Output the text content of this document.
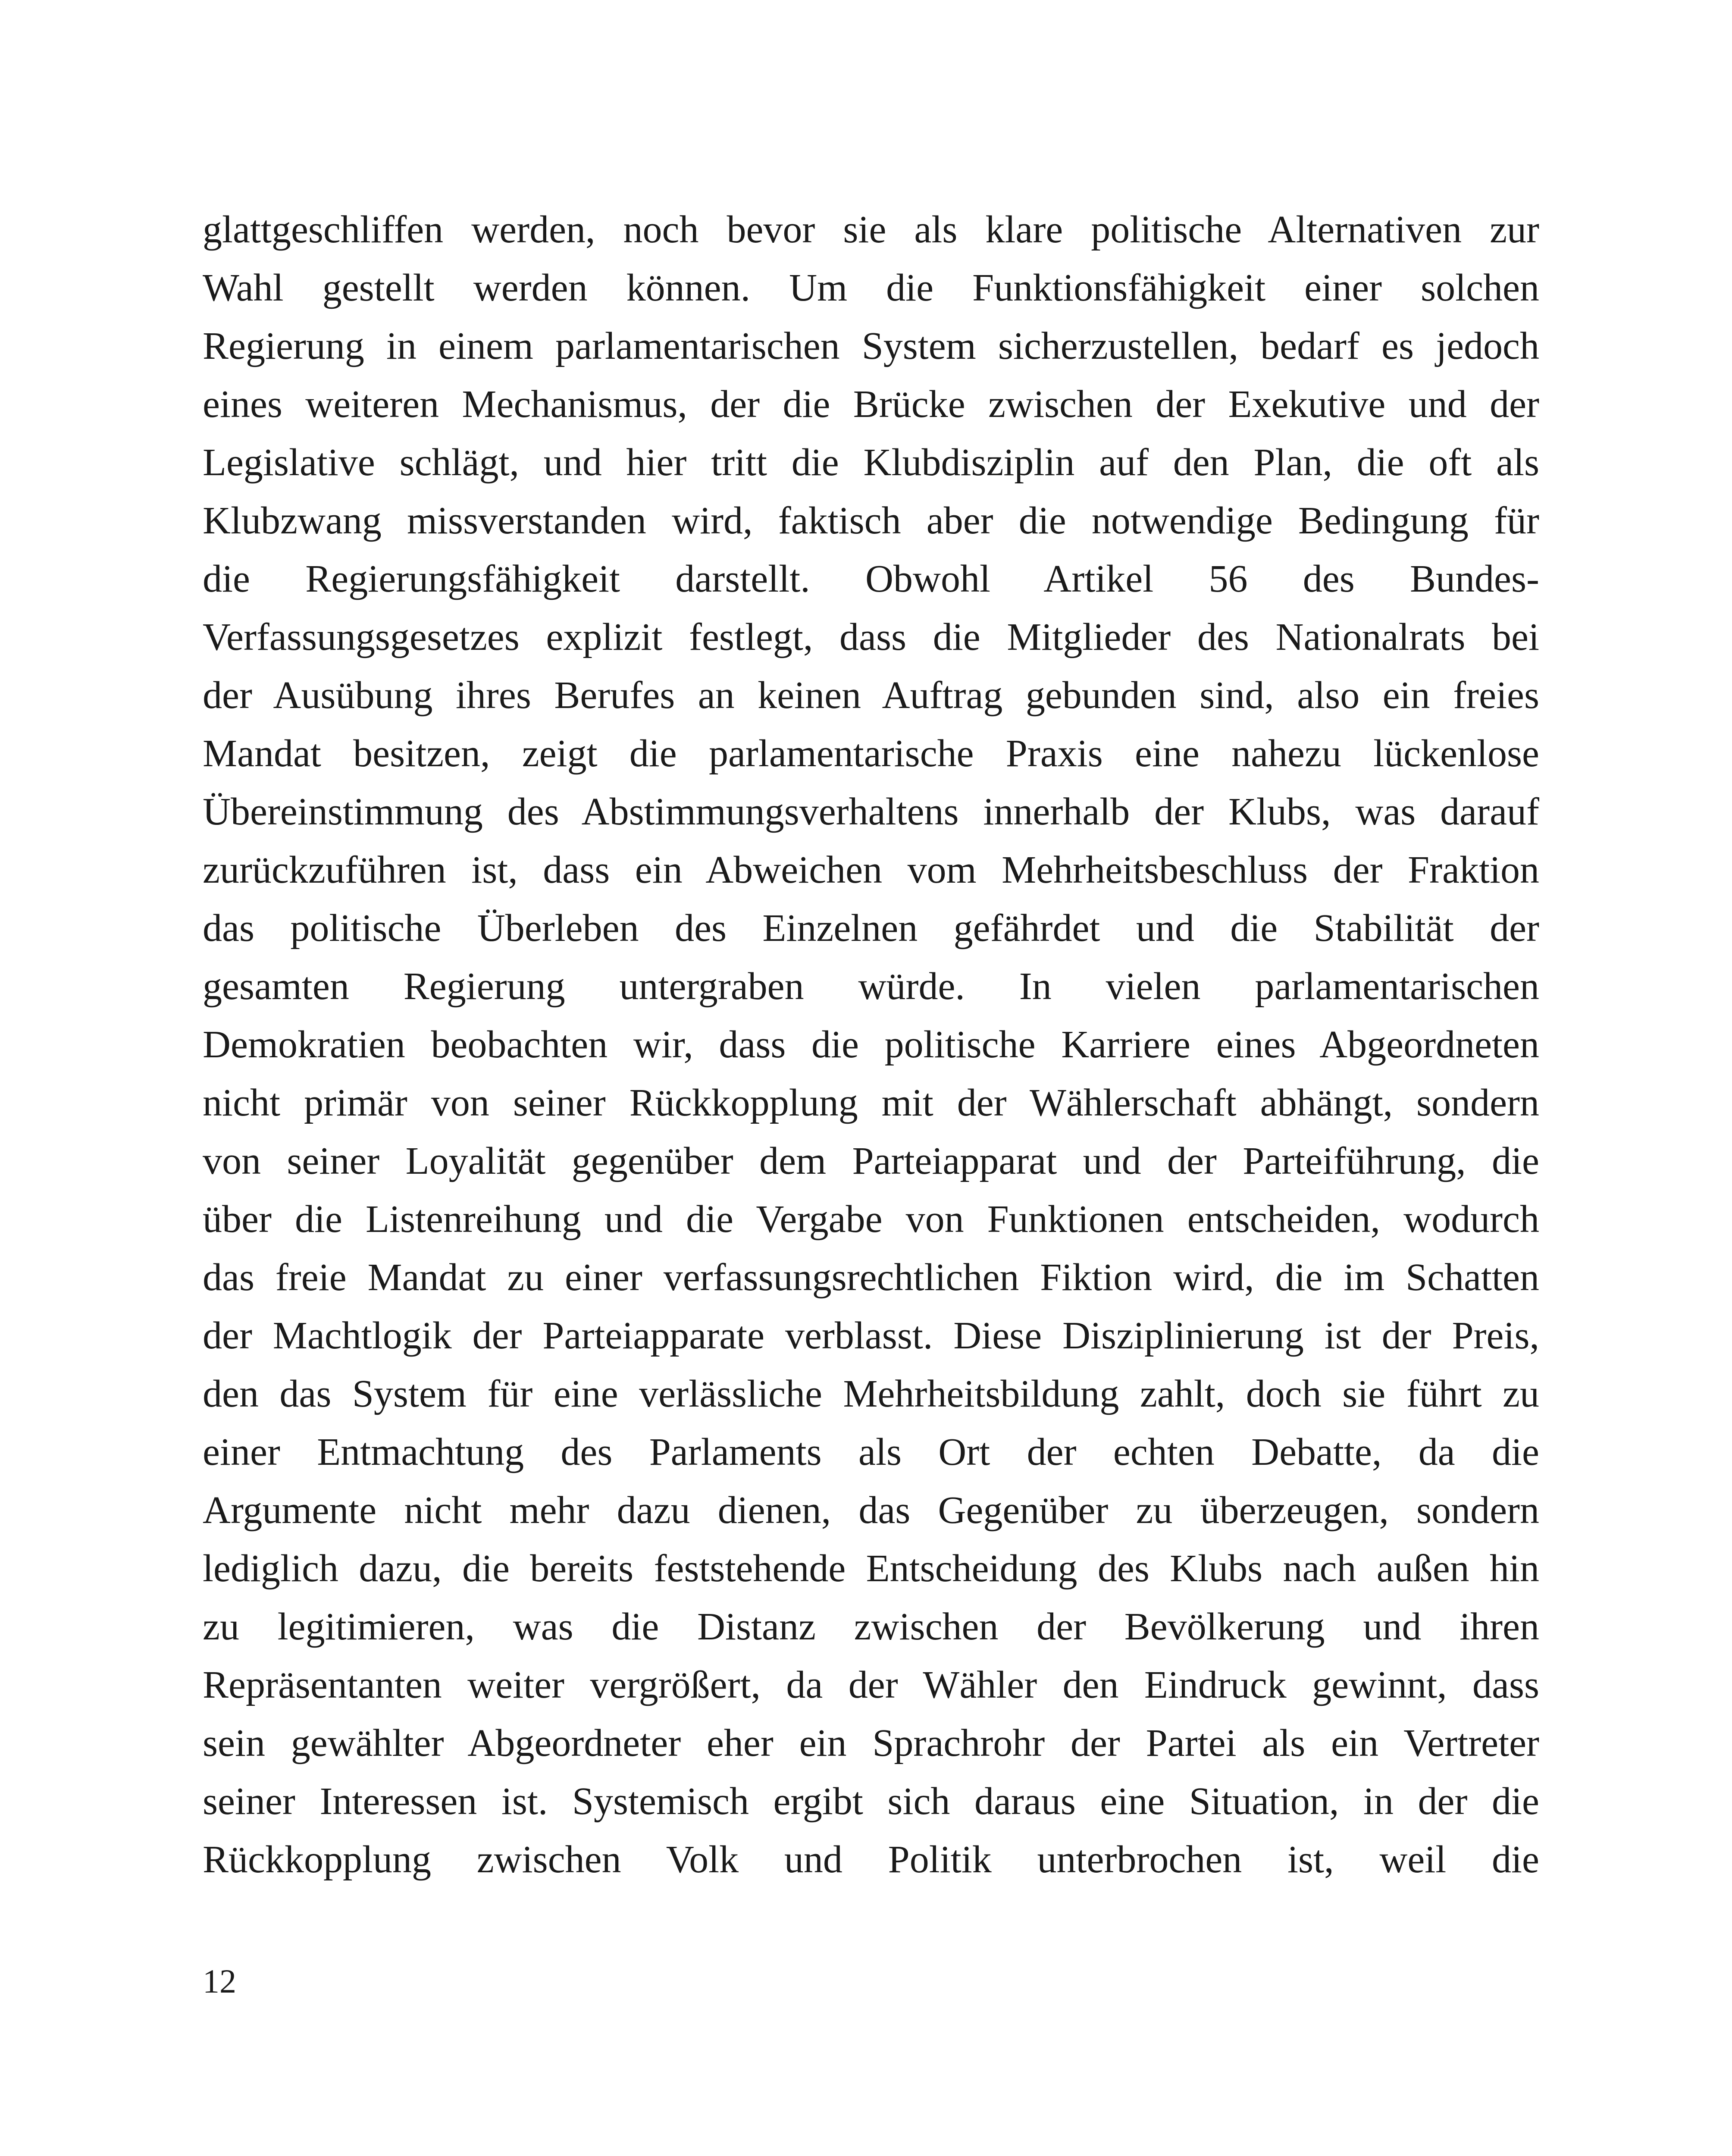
glattgeschliffen werden, noch bevor sie als klare politische Alternativen zur
Wahl gestellt werden können. Um die Funktionsfähigkeit einer solchen
Regierung in einem parlamentarischen System sicherzustellen, bedarf es jedoch
eines weiteren Mechanismus, der die Brücke zwischen der Exekutive und der
Legislative schlägt, und hier tritt die Klubdisziplin auf den Plan, die oft als
Klubzwang missverstanden wird, faktisch aber die notwendige Bedingung für
die Regierungsfähigkeit darstellt. Obwohl Artikel 56 des Bundes-
Verfassungsgesetzes explizit festlegt, dass die Mitglieder des Nationalrats bei
der Ausübung ihres Berufes an keinen Auftrag gebunden sind, also ein freies
Mandat besitzen, zeigt die parlamentarische Praxis eine nahezu lückenlose
Übereinstimmung des Abstimmungsverhaltens innerhalb der Klubs, was darauf
zurückzuführen ist, dass ein Abweichen vom Mehrheitsbeschluss der Fraktion
das politische Überleben des Einzelnen gefährdet und die Stabilität der
gesamten Regierung untergraben würde. In vielen parlamentarischen
Demokratien beobachten wir, dass die politische Karriere eines Abgeordneten
nicht primär von seiner Rückkopplung mit der Wählerschaft abhängt, sondern
von seiner Loyalität gegenüber dem Parteiapparat und der Parteiführung, die
über die Listenreihung und die Vergabe von Funktionen entscheiden, wodurch
das freie Mandat zu einer verfassungsrechtlichen Fiktion wird, die im Schatten
der Machtlogik der Parteiapparate verblasst. Diese Disziplinierung ist der Preis,
den das System für eine verlässliche Mehrheitsbildung zahlt, doch sie führt zu
einer Entmachtung des Parlaments als Ort der echten Debatte, da die
Argumente nicht mehr dazu dienen, das Gegenüber zu überzeugen, sondern
lediglich dazu, die bereits feststehende Entscheidung des Klubs nach außen hin
zu legitimieren, was die Distanz zwischen der Bevölkerung und ihren
Repräsentanten weiter vergrößert, da der Wähler den Eindruck gewinnt, dass
sein gewählter Abgeordneter eher ein Sprachrohr der Partei als ein Vertreter
seiner Interessen ist. Systemisch ergibt sich daraus eine Situation, in der die
Rückkopplung zwischen Volk und Politik unterbrochen ist, weil die
12
